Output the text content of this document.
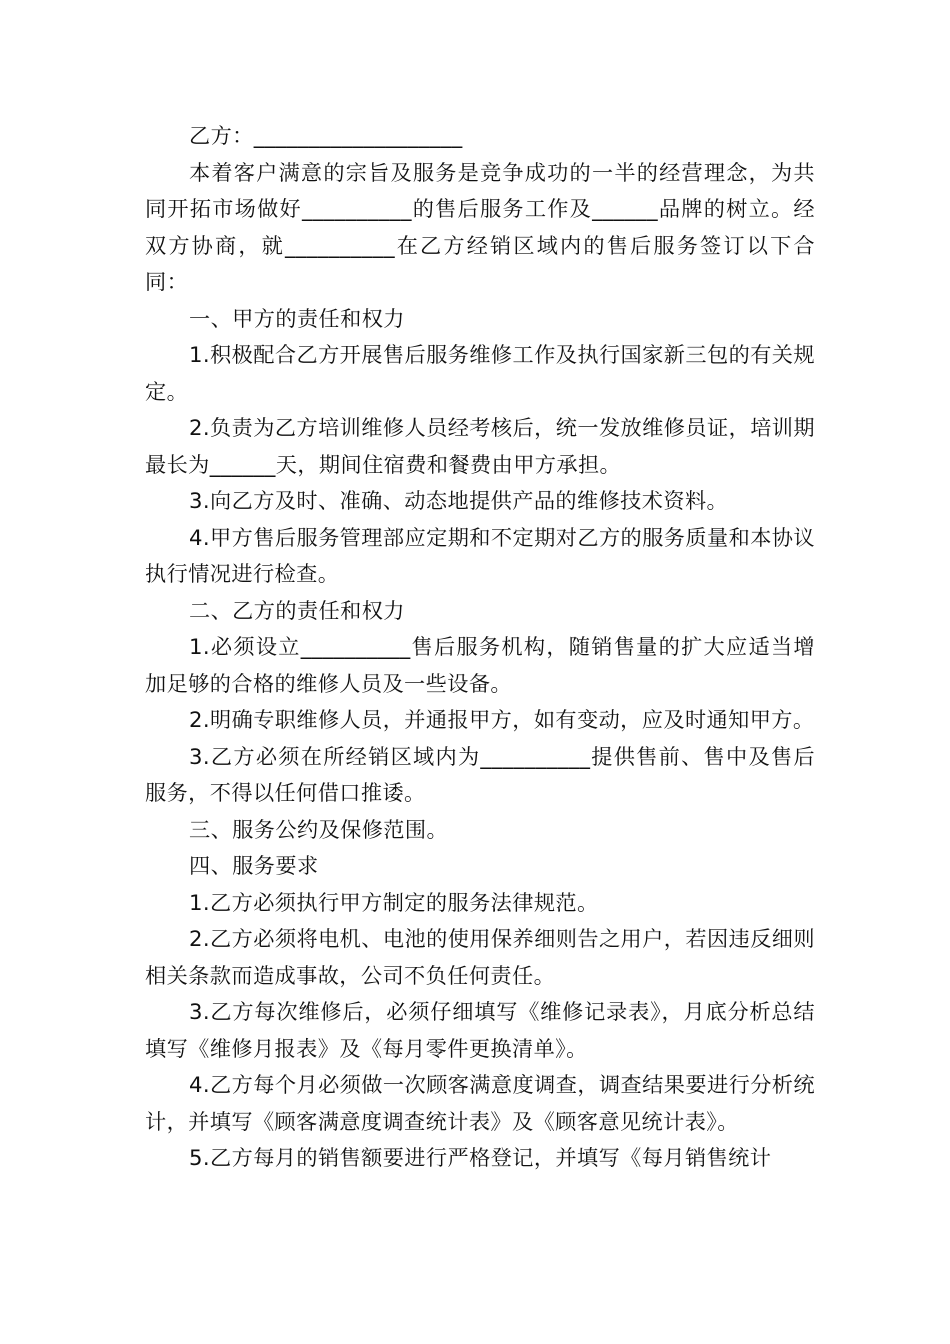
乙方：___________________

本着客户满意的宗旨及服务是竞争成功的一半的经营理念，为共同开拓市场做好__________的售后服务工作及______品牌的树立。经双方协商，就__________在乙方经销区域内的售后服务签订以下合同：

一、甲方的责任和权力

1.积极配合乙方开展售后服务维修工作及执行国家新三包的有关规定。

2.负责为乙方培训维修人员经考核后，统一发放维修员证，培训期最长为______天，期间住宿费和餐费由甲方承担。

3.向乙方及时、准确、动态地提供产品的维修技术资料。

4.甲方售后服务管理部应定期和不定期对乙方的服务质量和本协议执行情况进行检查。

二、乙方的责任和权力

1.必须设立__________售后服务机构，随销售量的扩大应适当增加足够的合格的维修人员及一些设备。

2.明确专职维修人员，并通报甲方，如有变动，应及时通知甲方。

3.乙方必须在所经销区域内为__________提供售前、售中及售后服务，不得以任何借口推诿。

三、服务公约及保修范围。

四、服务要求

1.乙方必须执行甲方制定的服务法律规范。

2.乙方必须将电机、电池的使用保养细则告之用户，若因违反细则相关条款而造成事故，公司不负任何责任。

3.乙方每次维修后，必须仔细填写《维修记录表》，月底分析总结填写《维修月报表》及《每月零件更换清单》。

4.乙方每个月必须做一次顾客满意度调查，调查结果要进行分析统计，并填写《顾客满意度调查统计表》及《顾客意见统计表》。

5.乙方每月的销售额要进行严格登记，并填写《每月销售统计
